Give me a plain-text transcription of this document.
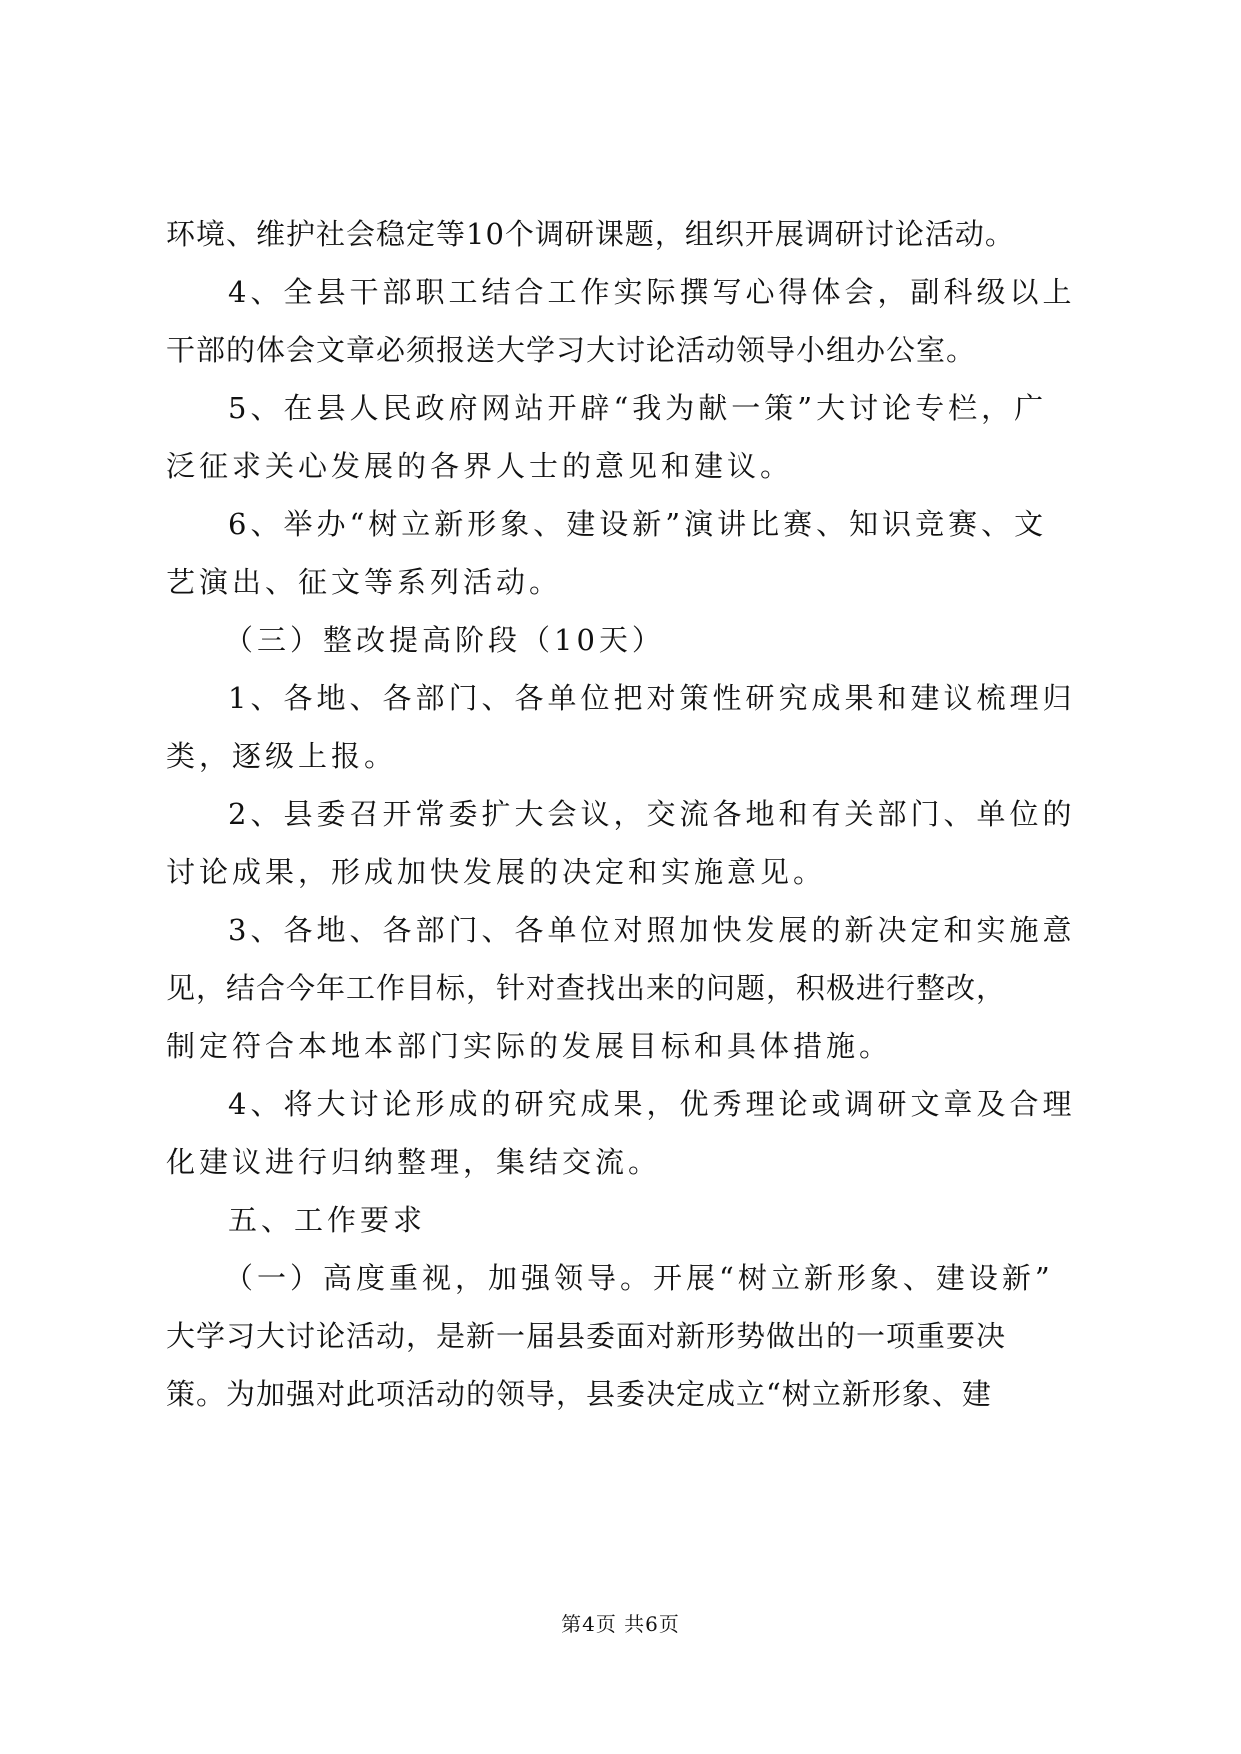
环境、维护社会稳定等10个调研课题，组织开展调研讨论活动。

4、全县干部职工结合工作实际撰写心得体会，副科级以上

干部的体会文章必须报送大学习大讨论活动领导小组办公室。

5、在县人民政府网站开辟“我为献一策”大讨论专栏，广

泛征求关心发展的各界人士的意见和建议。

6、举办“树立新形象、建设新”演讲比赛、知识竞赛、文

艺演出、征文等系列活动。

（三）整改提高阶段（10天）

1、各地、各部门、各单位把对策性研究成果和建议梳理归

类，逐级上报。

2、县委召开常委扩大会议，交流各地和有关部门、单位的

讨论成果，形成加快发展的决定和实施意见。

3、各地、各部门、各单位对照加快发展的新决定和实施意

见，结合今年工作目标，针对查找出来的问题，积极进行整改，

制定符合本地本部门实际的发展目标和具体措施。

4、将大讨论形成的研究成果，优秀理论或调研文章及合理

化建议进行归纳整理，集结交流。

五、工作要求

（一）高度重视，加强领导。开展“树立新形象、建设新”

大学习大讨论活动，是新一届县委面对新形势做出的一项重要决

策。为加强对此项活动的领导，县委决定成立“树立新形象、建

第4页 共6页
